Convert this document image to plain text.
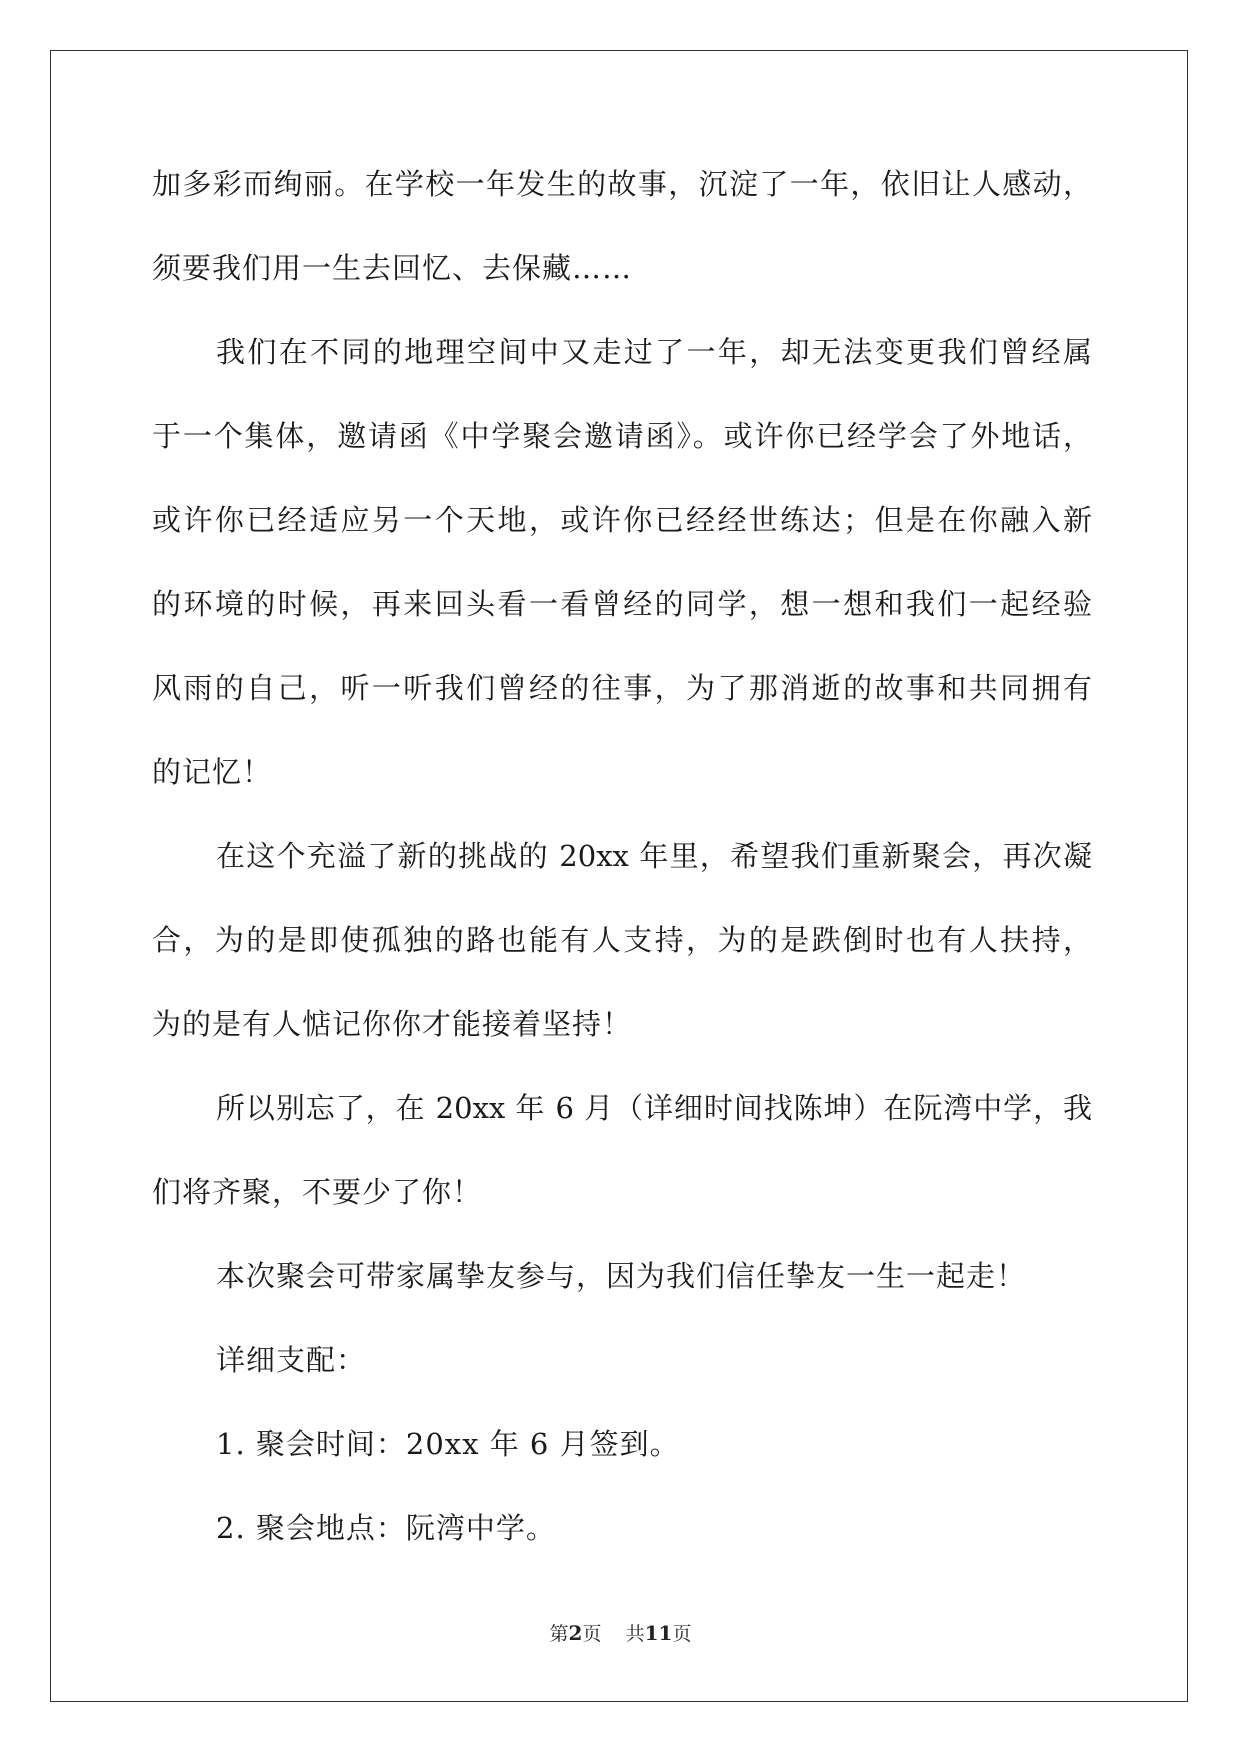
加多彩而绚丽。在学校一年发生的故事，沉淀了一年，依旧让人感动，
须要我们用一生去回忆、去保藏……
我们在不同的地理空间中又走过了一年，却无法变更我们曾经属
于一个集体，邀请函《中学聚会邀请函》。或许你已经学会了外地话，
或许你已经适应另一个天地，或许你已经经世练达；但是在你融入新
的环境的时候，再来回头看一看曾经的同学，想一想和我们一起经验
风雨的自己，听一听我们曾经的往事，为了那消逝的故事和共同拥有
的记忆！
在这个充溢了新的挑战的 20xx 年里，希望我们重新聚会，再次凝
合，为的是即使孤独的路也能有人支持，为的是跌倒时也有人扶持，
为的是有人惦记你你才能接着坚持！
所以别忘了，在 20xx 年 6 月（详细时间找陈坤）在阮湾中学，我
们将齐聚，不要少了你！
本次聚会可带家属挚友参与，因为我们信任挚友一生一起走！
详细支配：
1. 聚会时间：20xx 年 6 月签到。
2. 聚会地点：阮湾中学。
第2页 共11页
